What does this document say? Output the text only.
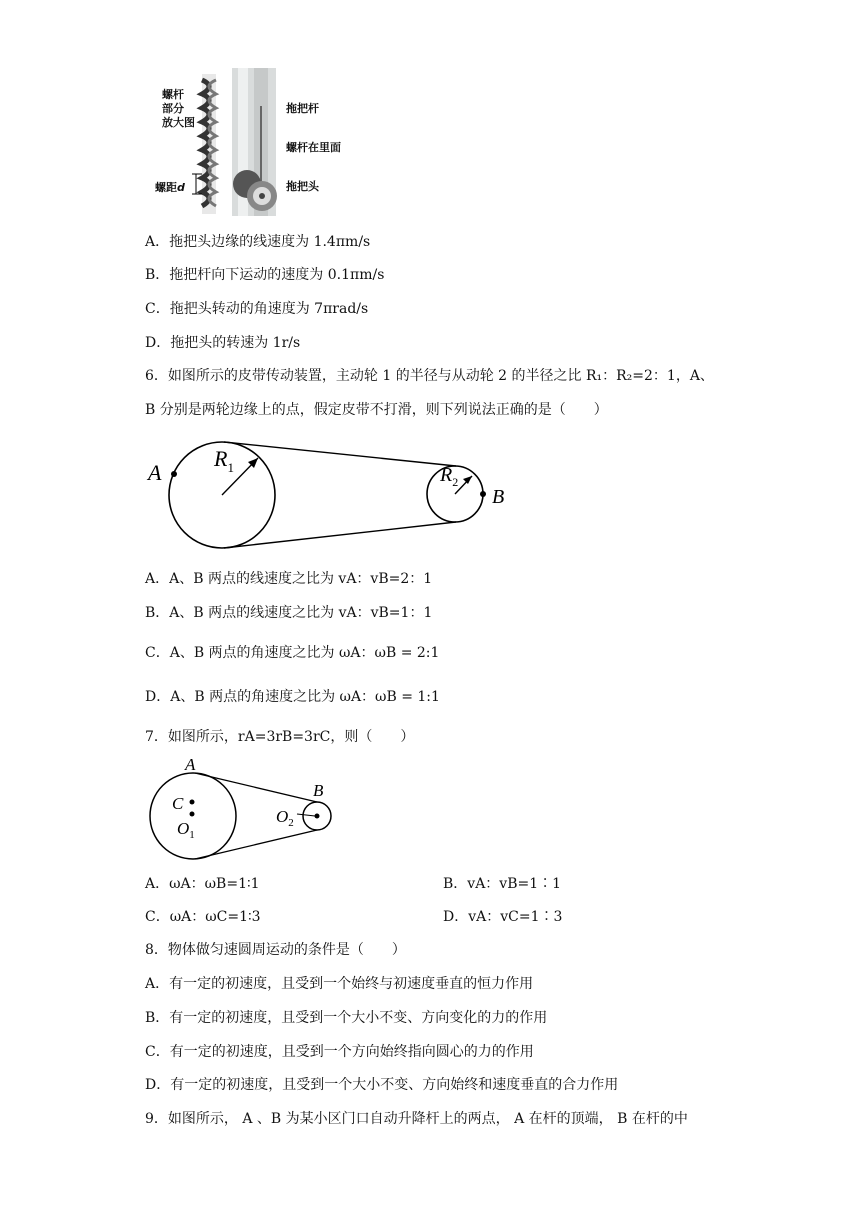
螺杆
部分
放大图
螺距d
拖把杆
螺杆在里面
拖把头
A．拖把头边缘的线速度为 1.4πm/s
B．拖把杆向下运动的速度为 0.1πm/s
C．拖把头转动的角速度为 7πrad/s
D．拖把头的转速为 1r/s
6．如图所示的皮带传动装置，主动轮 1 的半径与从动轮 2 的半径之比 R₁：R₂=2：1，A、
B 分别是两轮边缘上的点，假定皮带不打滑，则下列说法正确的是（　　）
A
B
$R_1$	$R_2$
A．A、B 两点的线速度之比为 vA：vB=2：1
B．A、B 两点的线速度之比为 vA：vB=1：1
C．A、B 两点的角速度之比为 ωA：ωB = 2:1
D．A、B 两点的角速度之比为 ωA：ωB = 1:1
7．如图所示，rA=3rB=3rC，则（　　）
A
B
C
$O_1$
$O_2$
A．ωA：ωB=1∶1	B．vA：vB=1∶1
C．ωA：ωC=1∶3	D．vA：vC=1∶3
8．物体做匀速圆周运动的条件是（　　）
A．有一定的初速度，且受到一个始终与初速度垂直的恒力作用
B．有一定的初速度，且受到一个大小不变、方向变化的力的作用
C．有一定的初速度，且受到一个方向始终指向圆心的力的作用
D．有一定的初速度，且受到一个大小不变、方向始终和速度垂直的合力作用
9．如图所示， A 、B 为某小区门口自动升降杆上的两点， A 在杆的顶端， B 在杆的中
